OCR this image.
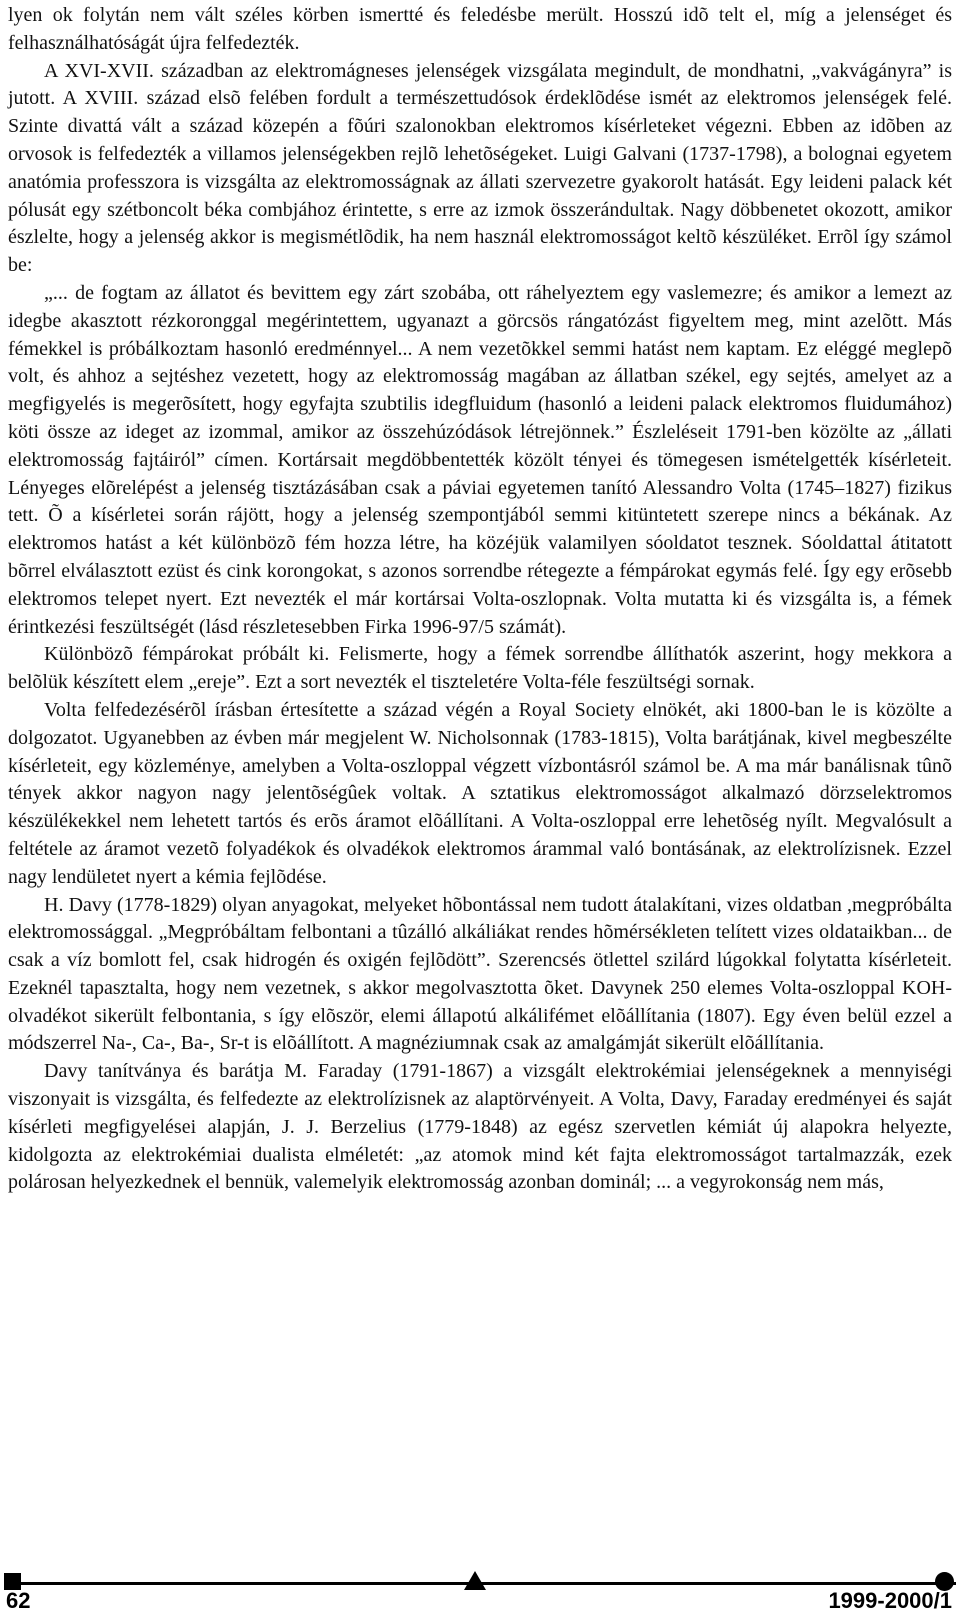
lyen ok folytán nem vált széles körben ismertté és feledésbe merült. Hosszú idõ telt el, míg a jelenséget és felhasználhatóságát újra felfedezték.

A XVI-XVII. században az elektromágneses jelenségek vizsgálata megindult, de mondhatni, „vakvágányra” is jutott. A XVIII. század elsõ felében fordult a természettudósok érdeklõdése ismét az elektromos jelenségek felé. Szinte divattá vált a század közepén a fõúri szalonokban elektromos kísérleteket végezni. Ebben az idõben az orvosok is felfedezték a villamos jelenségekben rejlõ lehetõségeket. Luigi Galvani (1737-1798), a bolognai egyetem anatómia professzora is vizsgálta az elektromosságnak az állati szervezetre gyakorolt hatását. Egy leideni palack két pólusát egy szétboncolt béka combjához érintette, s erre az izmok összerándultak. Nagy döbbenetet okozott, amikor észlelte, hogy a jelenség akkor is megismétlõdik, ha nem használ elektromosságot keltõ készüléket. Errõl így számol be:

„... de fogtam az állatot és bevittem egy zárt szobába, ott ráhelyeztem egy vaslemezre; és amikor a lemezt az idegbe akasztott rézkoronggal megérintettem, ugyanazt a görcsös rángatózást figyeltem meg, mint azelõtt. Más fémekkel is próbálkoztam hasonló eredménnyel... A nem vezetõkkel semmi hatást nem kaptam. Ez eléggé meglepõ volt, és ahhoz a sejtéshez vezetett, hogy az elektromosság magában az állatban székel, egy sejtés, amelyet az a megfigyelés is megerõsített, hogy egyfajta szubtilis idegfluidum (hasonló a leideni palack elektromos fluidumához) köti össze az ideget az izommal, amikor az összehúzódások létrejönnek.” Észleléseit 1791-ben közölte az „állati elektromosság fajtáiról” címen. Kortársait megdöbbentették közölt tényei és tömegesen ismételgették kísérleteit. Lényeges elõrelépést a jelenség tisztázásában csak a páviai egyetemen tanító Alessandro Volta (1745–1827) fizikus tett. Õ a kísérletei során rájött, hogy a jelenség szempontjából semmi kitüntetett szerepe nincs a békának. Az elektromos hatást a két különbözõ fém hozza létre, ha közéjük valamilyen sóoldatot tesznek. Sóoldattal átitatott bõrrel elválasztott ezüst és cink korongokat, s azonos sorrendbe rétegezte a fémpárokat egymás felé. Így egy erõsebb elektromos telepet nyert. Ezt nevezték el már kortársai Volta-oszlopnak. Volta mutatta ki és vizsgálta is, a fémek érintkezési feszültségét (lásd részletesebben Firka 1996-97/5 számát).

Különbözõ fémpárokat próbált ki. Felismerte, hogy a fémek sorrendbe állíthatók aszerint, hogy mekkora a belõlük készített elem „ereje”. Ezt a sort nevezték el tiszteletére Volta-féle feszültségi sornak.

Volta felfedezésérõl írásban értesítette a század végén a Royal Society elnökét, aki 1800-ban le is közölte a dolgozatot. Ugyanebben az évben már megjelent W. Nicholsonnak (1783-1815), Volta barátjának, kivel megbeszélte kísérleteit, egy közleménye, amelyben a Volta-oszloppal végzett vízbontásról számol be. A ma már banálisnak tûnõ tények akkor nagyon nagy jelentõségûek voltak. A sztatikus elektromosságot alkalmazó dörzselektromos készülékekkel nem lehetett tartós és erõs áramot elõállítani. A Volta-oszloppal erre lehetõség nyílt. Megvalósult a feltétele az áramot vezetõ folyadékok és olvadékok elektromos árammal való bontásának, az elektrolízisnek. Ezzel nagy lendületet nyert a kémia fejlõdése.

H. Davy (1778-1829) olyan anyagokat, melyeket hõbontással nem tudott átalakítani, vizes oldatban ,megpróbálta elektromossággal. „Megpróbáltam felbontani a tûzálló alkáliákat rendes hõmérsékleten telített vizes oldataikban... de csak a víz bomlott fel, csak hidrogén és oxigén fejlõdött”. Szerencsés ötlettel szilárd lúgokkal folytatta kísérleteit. Ezeknél tapasztalta, hogy nem vezetnek, s akkor megolvasztotta õket. Davynek 250 elemes Volta-oszloppal KOH-olvadékot sikerült felbontania, s így elõször, elemi állapotú alkálifémet elõállítania (1807). Egy éven belül ezzel a módszerrel Na-, Ca-, Ba-, Sr-t is elõállított. A magnéziumnak csak az amalgámját sikerült elõállítania.

Davy tanítványa és barátja M. Faraday (1791-1867) a vizsgált elektrokémiai jelenségeknek a mennyiségi viszonyait is vizsgálta, és felfedezte az elektrolízisnek az alaptörvényeit. A Volta, Davy, Faraday eredményei és saját kísérleti megfigyelései alapján, J. J. Berzelius (1779-1848) az egész szervetlen kémiát új alapokra helyezte, kidolgozta az elektrokémiai dualista elméletét: „az atomok mind két fajta elektromosságot tartalmazzák, ezek polárosan helyezkednek el bennük, valemelyik elektromosság azonban dominál; ... a vegyrokonság nem más,

62	1999-2000/1
